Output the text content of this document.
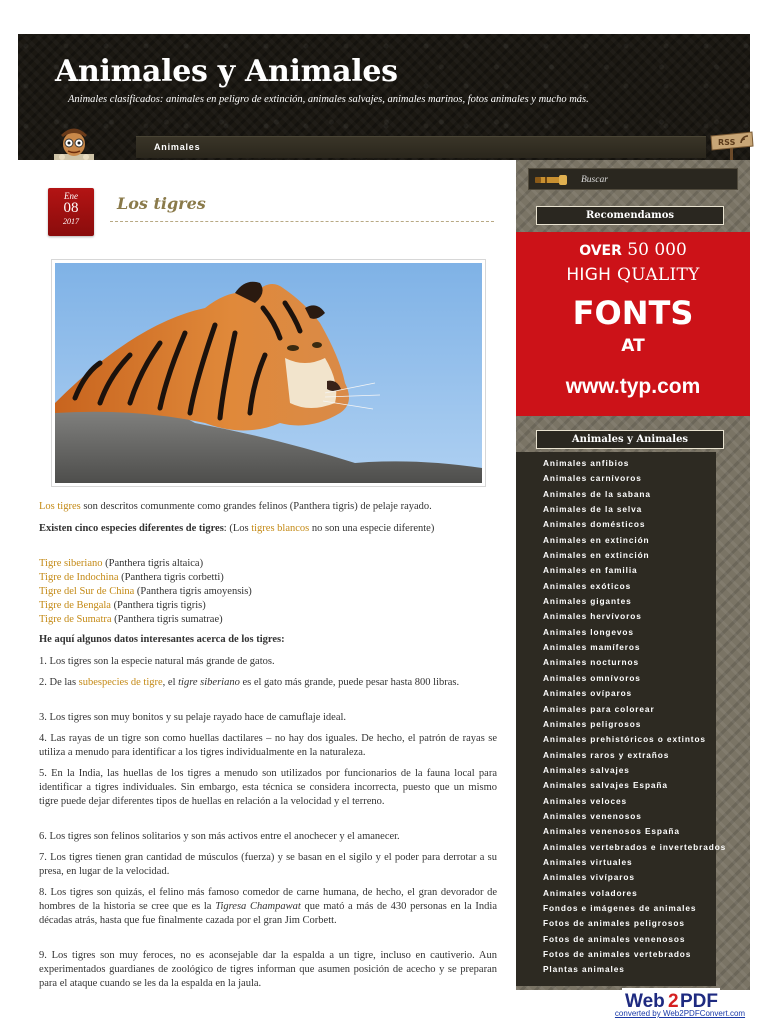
Animales y Animales
Animales clasificados: animales en peligro de extinción, animales salvajes, animales marinos, fotos animales y mucho más.
Animales	RSS
Ene
08
2017
Los tigres

Los tigres son descritos comunmente como grandes felinos (Panthera tigris) de pelaje rayado.

Existen cinco especies diferentes de tigres: (Los tigres blancos no son una especie diferente)

Tigre siberiano (Panthera tigris altaica)
Tigre de Indochina (Panthera tigris corbetti)
Tigre del Sur de China (Panthera tigris amoyensis)
Tigre de Bengala (Panthera tigris tigris)
Tigre de Sumatra (Panthera tigris sumatrae)

He aquí algunos datos interesantes acerca de los tigres:

1. Los tigres son la especie natural más grande de gatos.

2. De las subespecies de tigre, el tigre siberiano es el gato más grande, puede pesar hasta 800 libras.

3. Los tigres son muy bonitos y su pelaje rayado hace de camuflaje ideal.

4. Las rayas de un tigre son como huellas dactilares – no hay dos iguales. De hecho, el patrón de rayas se utiliza a menudo para identificar a los tigres individualmente en la naturaleza.

5. En la India, las huellas de los tigres a menudo son utilizados por funcionarios de la fauna local para identificar a tigres individuales. Sin embargo, esta técnica se considera incorrecta, puesto que un mismo tigre puede dejar diferentes tipos de huellas en relación a la velocidad y el terreno.

6. Los tigres son felinos solitarios y son más activos entre el anochecer y el amanecer.

7. Los tigres tienen gran cantidad de músculos (fuerza) y se basan en el sigilo y el poder para derrotar a su presa, en lugar de la velocidad.

8. Los tigres son quizás, el felino más famoso comedor de carne humana, de hecho, el gran devorador de hombres de la historia se cree que es la Tigresa Champawat que mató a más de 430 personas en la India décadas atrás, hasta que fue finalmente cazada por el gran Jim Corbett.

9. Los tigres son muy feroces, no es aconsejable dar la espalda a un tigre, incluso en cautiverio. Aun experimentados guardianes de zoológico de tigres informan que asumen posición de acecho y se preparan para el ataque cuando se les da la espalda en la jaula.

Buscar
Recomendamos
OVER 50 000
HIGH QUALITY
FONTS
AT
www.typ.com
Animales y Animales
Animales anfibios
Animales carnívoros
Animales de la sabana
Animales de la selva
Animales domésticos
Animales en extinción
Animales en extinción
Animales en familia
Animales exóticos
Animales gigantes
Animales hervívoros
Animales longevos
Animales mamíferos
Animales nocturnos
Animales omnívoros
Animales ovíparos
Animales para colorear
Animales peligrosos
Animales prehistóricos o extintos
Animales raros y extraños
Animales salvajes
Animales salvajes España
Animales veloces
Animales venenosos
Animales venenosos España
Animales vertebrados e invertebrados
Animales virtuales
Animales vivíparos
Animales voladores
Fondos e imágenes de animales
Fotos de animales peligrosos
Fotos de animales venenosos
Fotos de animales vertebrados
Plantas animales
Web 2 PDF
converted by Web2PDFConvert.com
